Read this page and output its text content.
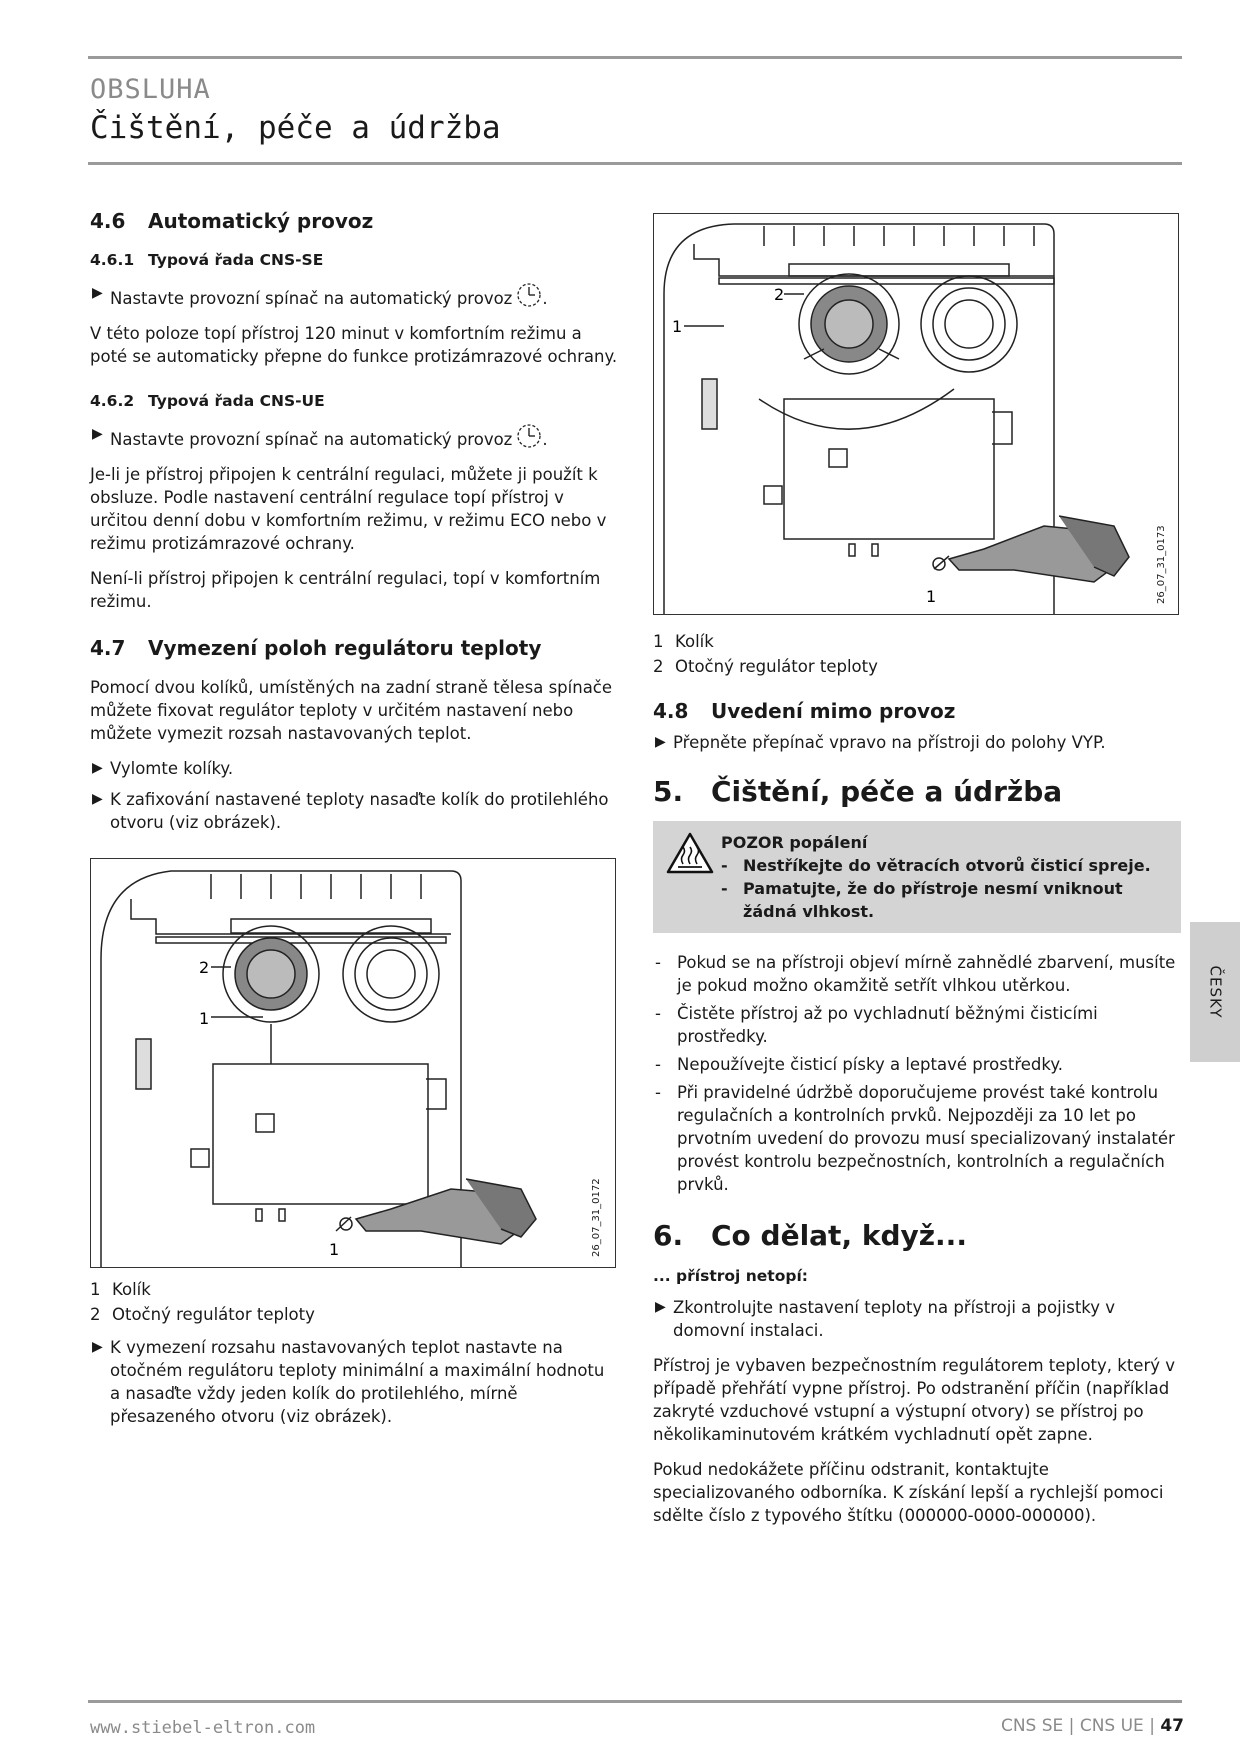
OBSLUHA
Čištění, péče a údržba
4.6 Automatický provoz
4.6.1 Typová řada CNS-SE
▶ Nastavte provozní spínač na automatický provoz .

V této poloze topí přístroj 120 minut v komfortním režimu a poté se automaticky přepne do funkce protizámrazové ochrany.

4.6.2 Typová řada CNS-UE
▶ Nastavte provozní spínač na automatický provoz .

Je-li je přístroj připojen k centrální regulaci, můžete ji použít k obsluze. Podle nastavení centrální regulace topí přístroj v určitou denní dobu v komfortním režimu, v režimu ECO nebo v režimu protizámrazové ochrany.

Není-li přístroj připojen k centrální regulaci, topí v komfortním režimu.

4.7 Vymezení poloh regulátoru teploty

Pomocí dvou kolíků, umístěných na zadní straně tělesa spínače můžete fixovat regulátor teploty v určitém nastavení nebo můžete vymezit rozsah nastavovaných teplot.

▶ Vylomte kolíky.
▶ K zafixování nastavené teploty nasaďte kolík do protilehlého otvoru (viz obrázek).
2
1
1	26_07_31_0172
1 Kolík
2 Otočný regulátor teploty
▶ K vymezení rozsahu nastavovaných teplot nastavte na otočném regulátoru teploty minimální a maximální hodnotu a nasaďte vždy jeden kolík do protilehlého, mírně přesazeného otvoru (viz obrázek).
2
1
1	26_07_31_0173
1 Kolík
2 Otočný regulátor teploty
4.8 Uvedení mimo provoz
▶ Přepněte přepínač vpravo na přístroji do polohy VYP.
5. Čištění, péče a údržba
POZOR popálení
- Nestříkejte do větracích otvorů čisticí spreje.
- Pamatujte, že do přístroje nesmí vniknout žádná vlhkost.
- Pokud se na přístroji objeví mírně zahnědlé zbarvení, musíte je pokud možno okamžitě setřít vlhkou utěrkou.
- Čistěte přístroj až po vychladnutí běžnými čisticími prostředky.
- Nepoužívejte čisticí písky a leptavé prostředky.
- Při pravidelné údržbě doporučujeme provést také kontrolu regulačních a kontrolních prvků. Nejpozději za 10 let po prvotním uvedení do provozu musí specializovaný instalatér provést kontrolu bezpečnostních, kontrolních a regulačních prvků.
6. Co dělat, když...

... přístroj netopí:

▶ Zkontrolujte nastavení teploty na přístroji a pojistky v domovní instalaci.

Přístroj je vybaven bezpečnostním regulátorem teploty, který v případě přehřátí vypne přístroj. Po odstranění příčin (například zakryté vzduchové vstupní a výstupní otvory) se přístroj po několikaminutovém krátkém vychladnutí opět zapne.

Pokud nedokážete příčinu odstranit, kontaktujte specializovaného odborníka. K získání lepší a rychlejší pomoci sdělte číslo z typového štítku (000000-0000-000000).

ČESKY
www.stiebel-eltron.com	CNS SE | CNS UE | 47
